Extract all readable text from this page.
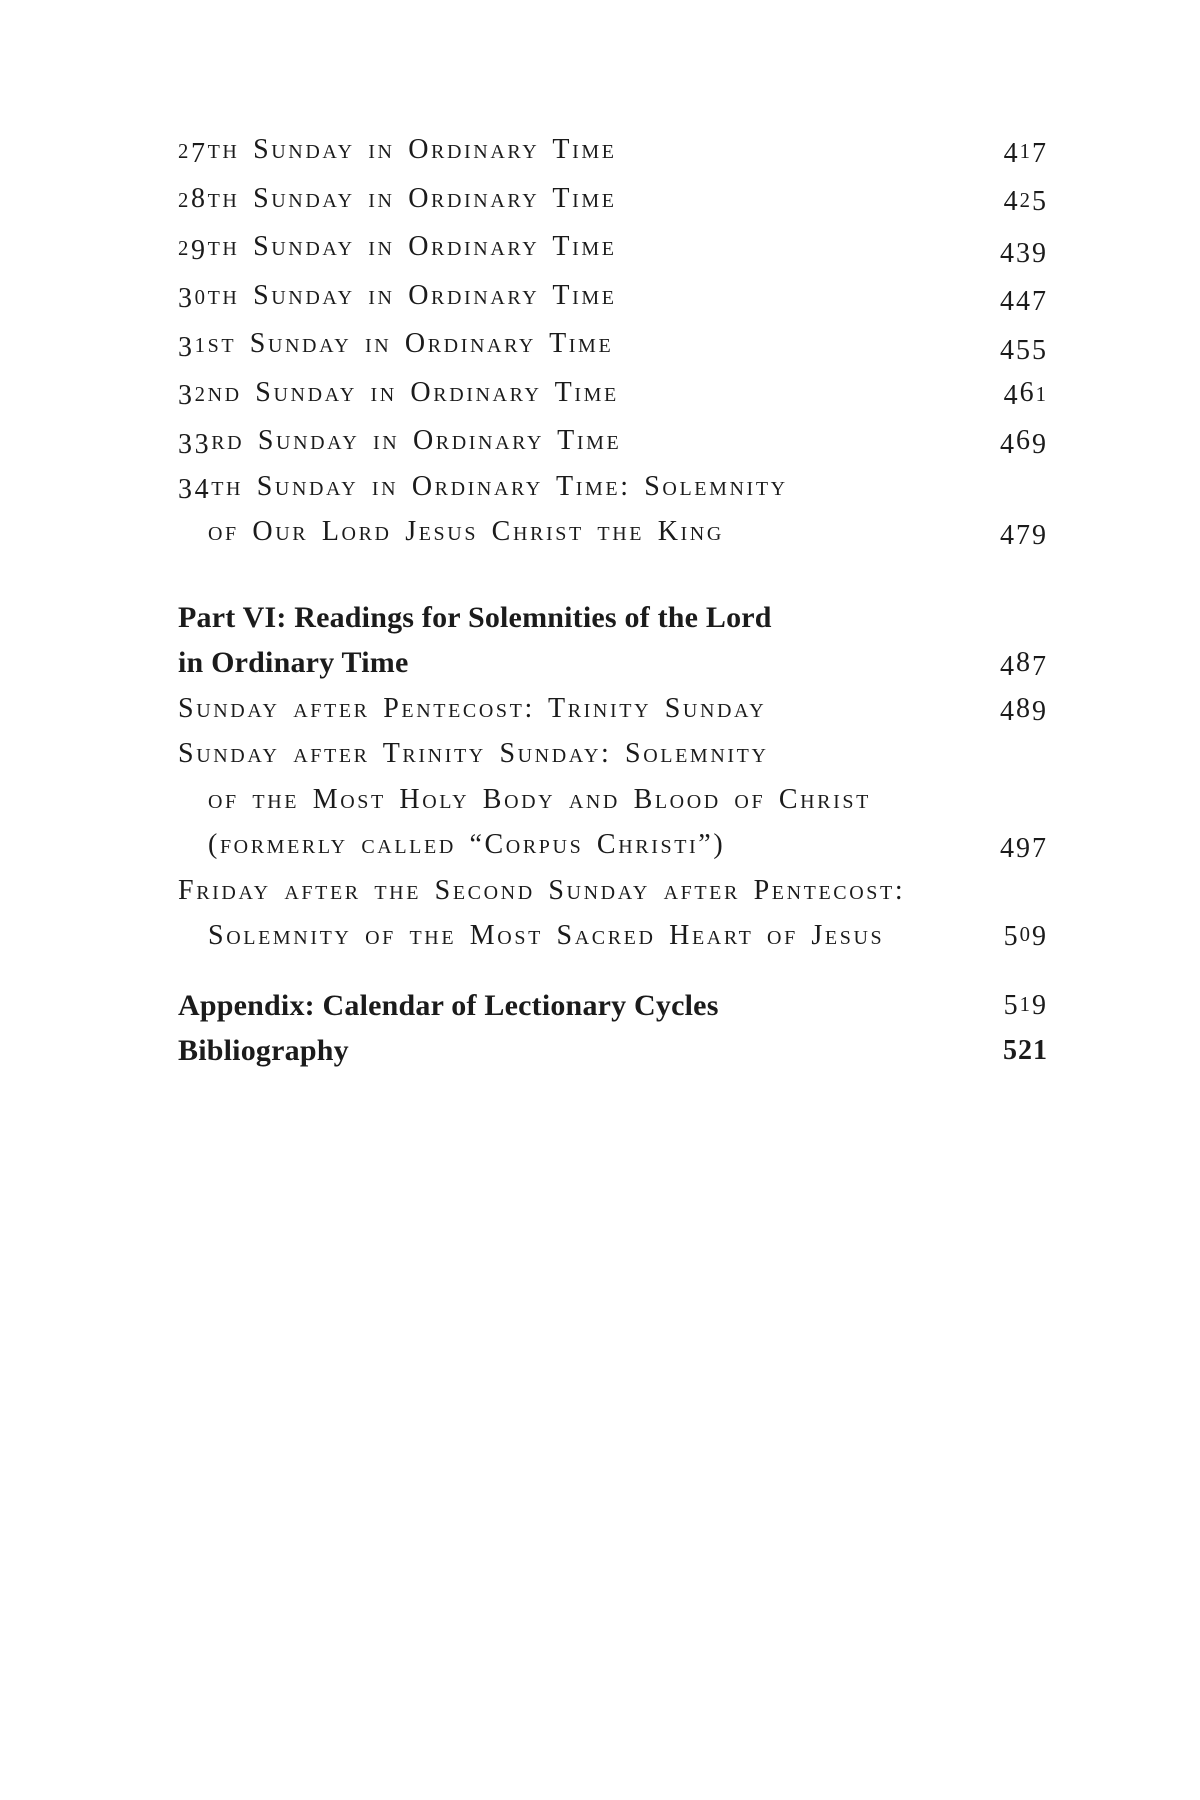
27th Sunday in Ordinary Time	417
28th Sunday in Ordinary Time	425
29th Sunday in Ordinary Time	439
30th Sunday in Ordinary Time	447
31st Sunday in Ordinary Time	455
32nd Sunday in Ordinary Time	461
33rd Sunday in Ordinary Time	469
34th Sunday in Ordinary Time: Solemnity
of Our Lord Jesus Christ the King	479
Part VI: Readings for Solemnities of the Lord
in Ordinary Time	487
Sunday after Pentecost: Trinity Sunday	489
Sunday after Trinity Sunday: Solemnity
of the Most Holy Body and Blood of Christ
(formerly called “Corpus Christi”)	497
Friday after the Second Sunday after Pentecost:
Solemnity of the Most Sacred Heart of Jesus	509
Appendix: Calendar of Lectionary Cycles	519
Bibliography	521
